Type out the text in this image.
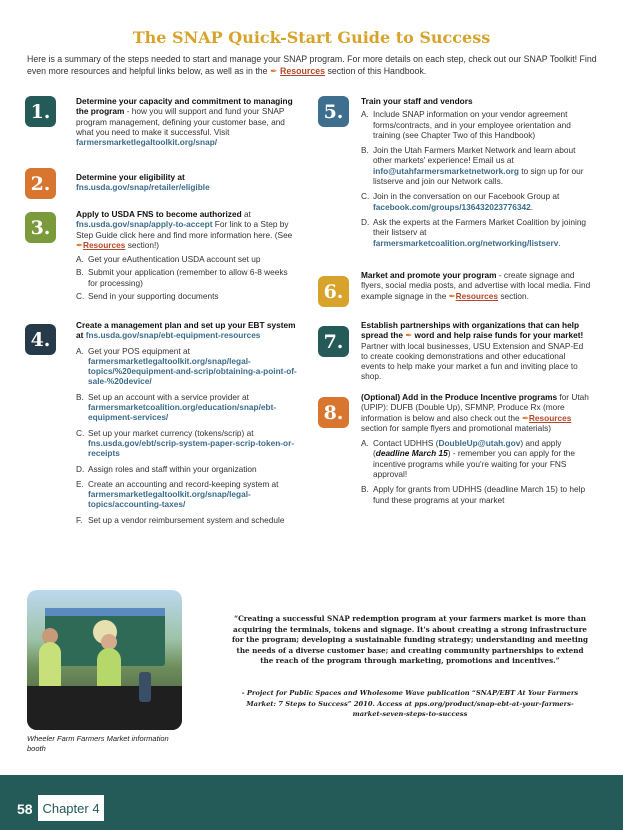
The SNAP Quick-Start Guide to Success
Here is a summary of the steps needed to start and manage your SNAP program. For more details on each step, check out our SNAP Toolkit! Find even more resources and helpful links below, as well as in the ✒ Resources section of this Handbook.
1.	Determine your capacity and commitment to managing the program - how you will support and fund your SNAP program management, defining your customer base, and what you need to make it successful. Visit farmersmarketlegaltoolkit.org/snap/
2.	Determine your eligibility at fns.usda.gov/snap/retailer/eligible
3.
Apply to USDA FNS to become authorized at fns.usda.gov/snap/apply-to-accept For link to a Step by Step Guide click here and find more information here. (See ✒Resources section!)
A. Get your eAuthentication USDA account set up
B. Submit your application (remember to allow 6-8 weeks for processing)
C. Send in your supporting documents
4.
Create a management plan and set up your EBT system at fns.usda.gov/snap/ebt-equipment-resources
A. Get your POS equipment at farmersmarketlegaltoolkit.org/snap/legal-topics/%20equipment-and-scrip/obtaining-a-point-of-sale-%20device/
B. Set up an account with a service provider at farmersmarketcoalition.org/education/snap/ebt-equipment-services/
C. Set up your market currency (tokens/scrip) at fns.usda.gov/ebt/scrip-system-paper-scrip-token-or-receipts
D. Assign roles and staff within your organization
E. Create an accounting and record-keeping system at farmersmarketlegaltoolkit.org/snap/legal-topics/accounting-taxes/
F. Set up a vendor reimbursement system and schedule
5.	Train your staff and vendors
A. Include SNAP information on your vendor agreement forms/contracts, and in your employee orientation and training (see Chapter Two of this Handbook)
B. Join the Utah Farmers Market Network and learn about other markets' experience! Email us at info@utahfarmersmarketnetwork.org to sign up for our listserve and join our Network calls.
C. Join in the conversation on our Facebook Group at facebook.com/groups/136432023776342.
D. Ask the experts at the Farmers Market Coalition by joining their listserv at farmersmarketcoalition.org/networking/listserv.
6.
Market and promote your program - create signage and flyers, social media posts, and advertise with local media. Find example signage in the ✒Resources section.
7.
Establish partnerships with organizations that can help spread the ✒ word and help raise funds for your market! Partner with local businesses, USU Extension and SNAP-Ed to create cooking demonstrations and other educational events to help make your market a fun and inviting place to shop.
8.
(Optional) Add in the Produce Incentive programs for Utah (UPIP): DUFB (Double Up), SFMNP, Produce Rx (more information is below and also check out the ✒Resources section for sample flyers and promotional materials)
A. Contact UDHHS (DoubleUp@utah.gov) and apply (deadline March 15) - remember you can apply for the incentive programs while you're waiting for your FNS approval!
B. Apply for grants from UDHHS (deadline March 15) to help fund these programs at your market
Wheeler Farm Farmers Market information booth
“Creating a successful SNAP redemption program at your farmers market is more than acquiring the terminals, tokens and signage. It's about creating a strong infrastructure for the program; developing a sustainable funding strategy; understanding and meeting the needs of a diverse customer base; and creating community partnerships to extend the reach of the program through marketing, promotions and incentives.”
- Project for Public Spaces and Wholesome Wave publication “SNAP/EBT At Your Farmers Market: 7 Steps to Success” 2010. Access at pps.org/product/snap-ebt-at-your-farmers-market-seven-steps-to-success
58 Chapter 4
